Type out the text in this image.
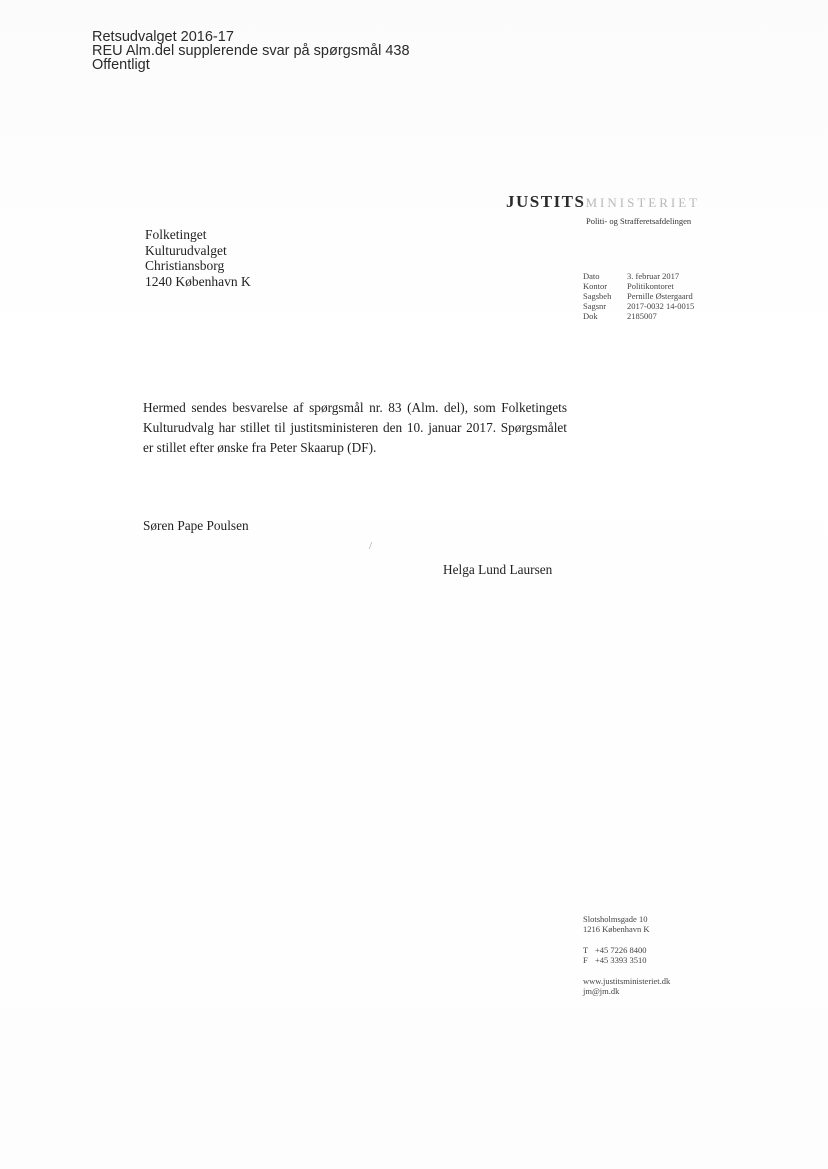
Retsudvalget 2016-17
REU Alm.del supplerende svar på spørgsmål 438
Offentligt
JUSTITSMINISTERIET
Politi- og Strafferetsafdelingen
Folketinget
Kulturudvalget
Christiansborg
1240 København K	Dato	3. februar 2017
Kontor	Politikontoret
Sagsbeh	Pernille Østergaard
Sagsnr	2017-0032 14-0015
Dok	2185007
Hermed sendes besvarelse af spørgsmål nr. 83 (Alm. del), som Folketingets Kulturudvalg har stillet til justitsministeren den 10. januar 2017. Spørgsmålet er stillet efter ønske fra Peter Skaarup (DF).
Søren Pape Poulsen
/
Helga Lund Laursen
Slotsholmsgade 10
1216 København K
T +45 7226 8400
F +45 3393 3510
www.justitsministeriet.dk
jm@jm.dk
